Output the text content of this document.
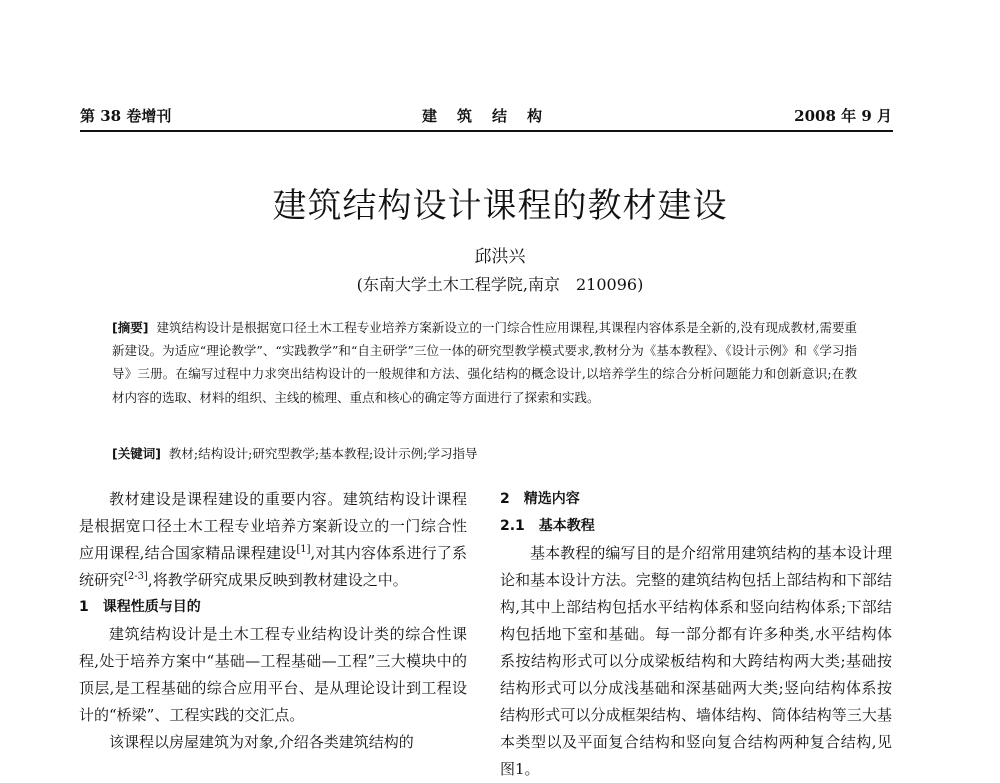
第 38 卷增刊	建筑结构	2008 年 9 月
建筑结构设计课程的教材建设
邱洪兴
(东南大学土木工程学院,南京　210096)
[摘要] 建筑结构设计是根据宽口径土木工程专业培养方案新设立的一门综合性应用课程,其课程内容体系是全新的,没有现成教材,需要重新建设。为适应“理论教学”、“实践教学”和“自主研学”三位一体的研究型教学模式要求,教材分为《基本教程》、《设计示例》和《学习指导》三册。在编写过程中力求突出结构设计的一般规律和方法、强化结构的概念设计,以培养学生的综合分析问题能力和创新意识;在教材内容的选取、材料的组织、主线的梳理、重点和核心的确定等方面进行了探索和实践。
[关键词] 教材;结构设计;研究型教学;基本教程;设计示例;学习指导

教材建设是课程建设的重要内容。建筑结构设计课程是根据宽口径土木工程专业培养方案新设立的一门综合性应用课程,结合国家精品课程建设[1],对其内容体系进行了系统研究[2-3],将教学研究成果反映到教材建设之中。

1　课程性质与目的

建筑结构设计是土木工程专业结构设计类的综合性课程,处于培养方案中“基础—工程基础—工程”三大模块中的顶层,是工程基础的综合应用平台、是从理论设计到工程设计的“桥梁”、工程实践的交汇点。

该课程以房屋建筑为对象,介绍各类建筑结构的

2　精选内容

2.1　基本教程

基本教程的编写目的是介绍常用建筑结构的基本设计理论和基本设计方法。完整的建筑结构包括上部结构和下部结构,其中上部结构包括水平结构体系和竖向结构体系;下部结构包括地下室和基础。每一部分都有许多种类,水平结构体系按结构形式可以分成梁板结构和大跨结构两大类;基础按结构形式可以分成浅基础和深基础两大类;竖向结构体系按结构形式可以分成框架结构、墙体结构、筒体结构等三大基本类型以及平面复合结构和竖向复合结构两种复合结构,见图1。
